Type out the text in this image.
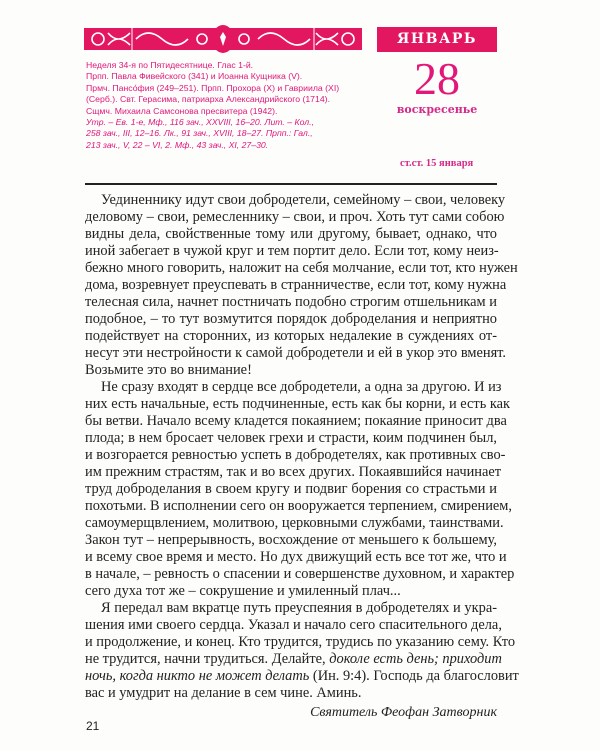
ЯНВАРЬ
28
воскресенье
ст.ст. 15 января
Неделя 34-я по Пятидесятнице. Глас 1-й.
Прпп. Павла Фивейского (341) и Иоанна Кущника (V).
Прмч. Пансо́фия (249–251). Прпп. Прохора (X) и Гавриила (XI)
(Серб.). Свт. Герасима, патриарха Александрийского (1714).
Сщмч. Михаила Самсонова пресвитера (1942).
Утр. – Ев. 1-е, Мф., 116 зач., XXVIII, 16–20. Лит. – Кол.,
258 зач., III, 12–16. Лк., 91 зач., XVIII, 18–27. Прпп.: Гал.,
213 зач., V, 22 – VI, 2. Мф., 43 зач., XI, 27–30.
Уединеннику идут свои добродетели, семейному – свои, человеку
деловому – свои, ремесленнику – свои, и проч. Хоть тут сами собою
видны дела, свойственные тому или другому, бывает, однако, что
иной забегает в чужой круг и тем портит дело. Если тот, кому неиз-
бежно много говорить, наложит на себя молчание, если тот, кто нужен
дома, возревнует преуспевать в странничестве, если тот, кому нужна
телесная сила, начнет постничать подобно строгим отшельникам и
подобное, – то тут возмутится порядок доброделания и неприятно
подействует на сторонних, из которых недалекие в суждениях от-
несут эти нестройности к самой добродетели и ей в укор это вменят.
Возьмите это во внимание!
Не сразу входят в сердце все добродетели, а одна за другою. И из
них есть начальные, есть подчиненные, есть как бы корни, и есть как
бы ветви. Начало всему кладется покаянием; покаяние приносит два
плода; в нем бросает человек грехи и страсти, коим подчинен был,
и возгорается ревностью успеть в добродетелях, как противных сво-
им прежним страстям, так и во всех других. Покаявшийся начинает
труд доброделания в своем кругу и подвиг борения со страстьми и
похотьми. В исполнении сего он вооружается терпением, смирением,
самоумерщвлением, молитвою, церковными службами, таинствами.
Закон тут – непрерывность, восхождение от меньшего к большему,
и всему свое время и место. Но дух движущий есть все тот же, что и
в начале, – ревность о спасении и совершенстве духовном, и характер
сего духа тот же – сокрушение и умиленный плач...
Я передал вам вкратце путь преуспеяния в добродетелях и укра-
шения ими своего сердца. Указал и начало сего спасительного дела,
и продолжение, и конец. Кто трудится, трудись по указанию сему. Кто
не трудится, начни трудиться. Делайте, доколе есть день; приходит
ночь, когда никто не может делать (Ин. 9:4). Господь да благословит
вас и умудрит на делание в сем чине. Аминь.
Святитель Феофан Затворник
21
